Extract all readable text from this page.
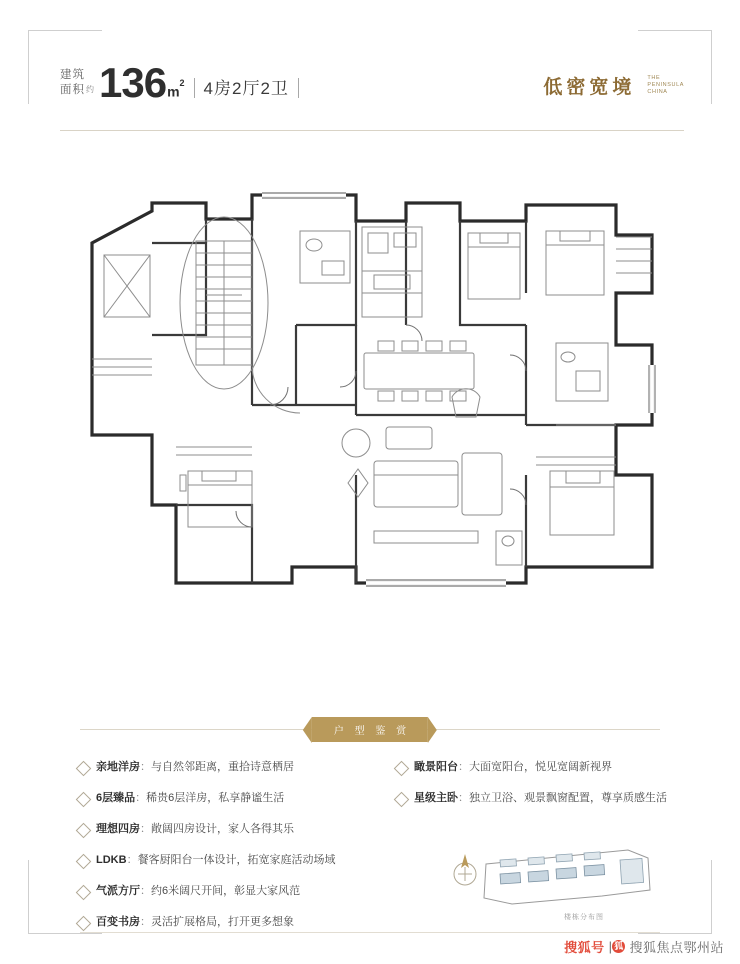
建筑
面积 约 136 $m^2$ 4房2厅2卫	低密宽境 THE
PENINSULA
CHINA
户 型 鉴 赏
亲地洋房：与自然邻距离，重拾诗意栖居
6层臻品：稀贵6层洋房，私享静谧生活
理想四房：敞阔四房设计，家人各得其乐
LDKB：餐客厨阳台一体设计，拓宽家庭活动场域
气派方厅：约6米阔尺开间，彰显大家风范
百变书房：灵活扩展格局，打开更多想象
瞰景阳台：大面宽阳台，悦见宽阔新视界
星级主卧：独立卫浴、观景飘窗配置，尊享质感生活
楼栋分布图
搜狐号 | 狐 搜狐焦点鄂州站
